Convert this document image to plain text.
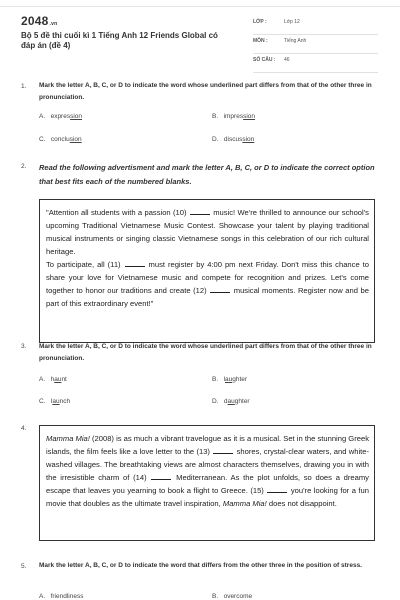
2048.vn
Bộ 5 đề thi cuối kì 1 Tiếng Anh 12 Friends Global có đáp án (đề 4)
LỚP :	Lớp 12
MÔN :	Tiếng Anh
SỐ CÂU : 46
1. Mark the letter A, B, C, or D to indicate the word whose underlined part differs from that of the other three in pronunciation.
A. expression	B. impression
C. conclusion	D. discussion
2. Read the following advertisment and mark the letter A, B, C, or D to indicate the correct option that best fits each of the numbered blanks.

"Attention all students with a passion (10)	music! We're thrilled to announce our school's upcoming Traditional Vietnamese Music Contest. Showcase your talent by playing traditional musical instruments or singing classic Vietnamese songs in this celebration of our rich cultural heritage.

To participate, all (11)	must register by 4:00 pm next Friday. Don't miss this chance to share your love for Vietnamese music and compete for recognition and prizes. Let's come together to honor our traditions and create (12)	musical moments. Register now and be part of this extraordinary event!"

3. Mark the letter A, B, C, or D to indicate the word whose underlined part differs from that of the other three in pronunciation.
A. haunt	B. laughter
C. launch	D. daughter
4.

Mamma Mia! (2008) is as much a vibrant travelogue as it is a musical. Set in the stunning Greek islands, the film feels like a love letter to the (13)	shores, crystal-clear waters, and white-washed villages. The breathtaking views are almost characters themselves, drawing you in with the irresistible charm of (14)	Mediterranean. As the plot unfolds, so does a dreamy escape that leaves you yearning to book a flight to Greece. (15)	you're looking for a fun movie that doubles as the ultimate travel inspiration, Mamma Mia! does not disappoint.

5. Mark the letter A, B, C, or D to indicate the word that differs from the other three in the position of stress.
A. friendliness	B. overcome
